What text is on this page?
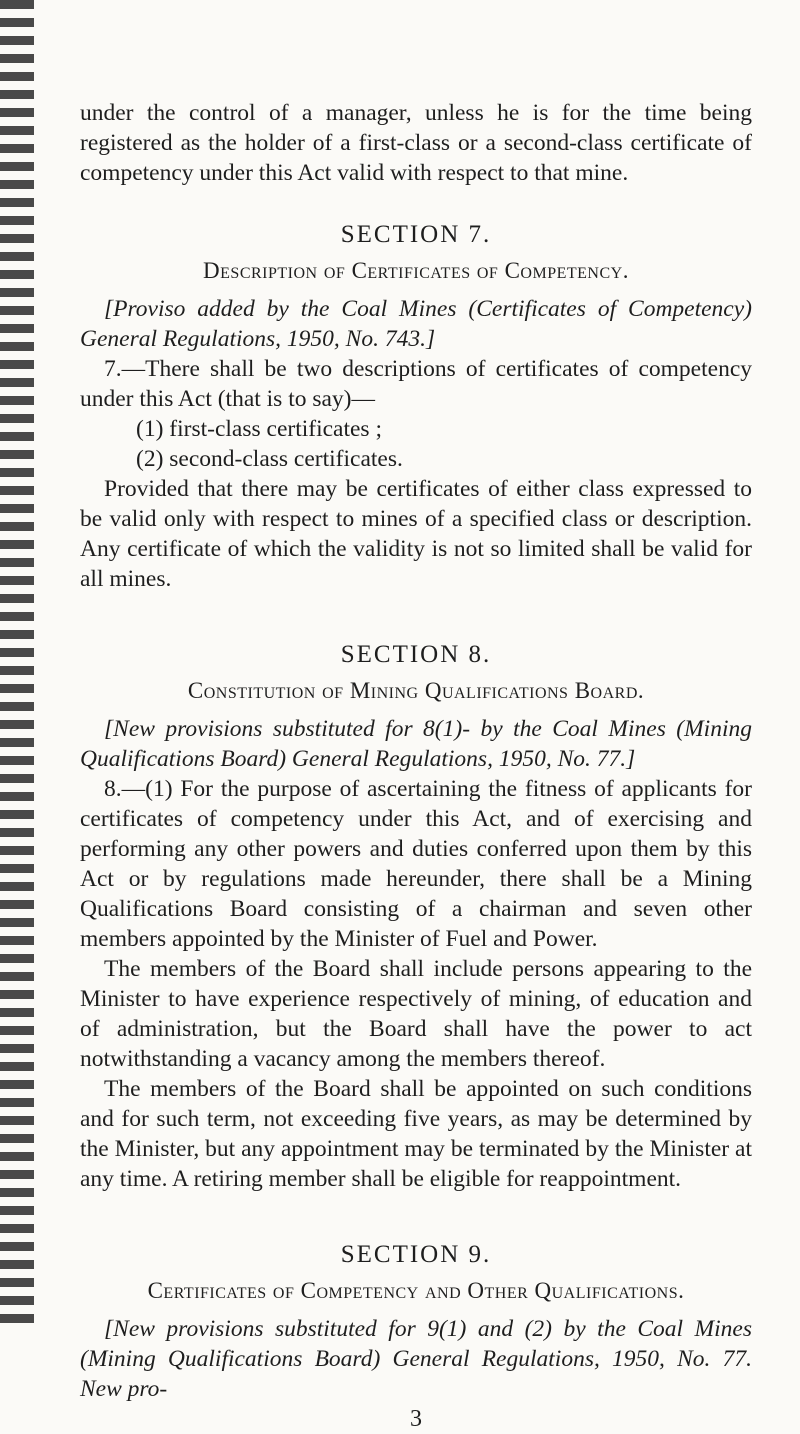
under the control of a manager, unless he is for the time being registered as the holder of a first-class or a second-class certificate of competency under this Act valid with respect to that mine.

SECTION 7.

Description of Certificates of Competency.

[Proviso added by the Coal Mines (Certificates of Competency) General Regulations, 1950, No. 743.]

7.—There shall be two descriptions of certificates of competency under this Act (that is to say)—

(1) first-class certificates ;

(2) second-class certificates.

Provided that there may be certificates of either class expressed to be valid only with respect to mines of a specified class or description. Any certificate of which the validity is not so limited shall be valid for all mines.

SECTION 8.

Constitution of Mining Qualifications Board.

[New provisions substituted for 8(1)- by the Coal Mines (Mining Qualifications Board) General Regulations, 1950, No. 77.]

8.—(1) For the purpose of ascertaining the fitness of applicants for certificates of competency under this Act, and of exercising and performing any other powers and duties conferred upon them by this Act or by regulations made hereunder, there shall be a Mining Qualifications Board consisting of a chairman and seven other members appointed by the Minister of Fuel and Power.

The members of the Board shall include persons appearing to the Minister to have experience respectively of mining, of education and of administration, but the Board shall have the power to act notwithstanding a vacancy among the members thereof.

The members of the Board shall be appointed on such conditions and for such term, not exceeding five years, as may be determined by the Minister, but any appointment may be terminated by the Minister at any time. A retiring member shall be eligible for reappointment.

SECTION 9.

Certificates of Competency and Other Qualifications.

[New provisions substituted for 9(1) and (2) by the Coal Mines (Mining Qualifications Board) General Regulations, 1950, No. 77. New pro-

3
